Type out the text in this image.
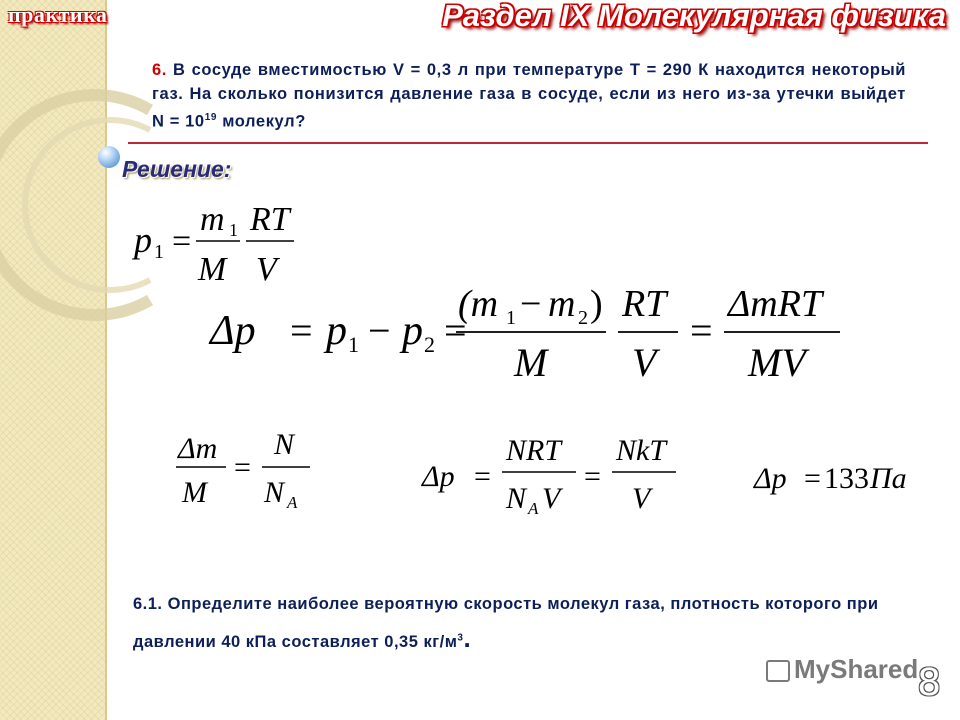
практика	Раздел IX Молекулярная физика
6. В сосуде вместимостью V = 0,3 л при температуре T = 290 К находится некоторый газ. На сколько понизится давление газа в сосуде, если из него из-за утечки выйдет $N = 10^{19}$ молекул?
Решение:
p 1 =
m 1
M
RT
V
Δp = p 1 − p 2 =
(m 1 − m 2 )
M
RT
V
=
ΔmRT
MV
Δm
M
=
N
N A
Δp =
NRT
N A V
=
NkT
V
Δp = 133 Па
6.1. Определите наиболее вероятную скорость молекул газа, плотность которого при давлении 40 кПа составляет 0,35 $кг/м^3$.
MyShared 8
